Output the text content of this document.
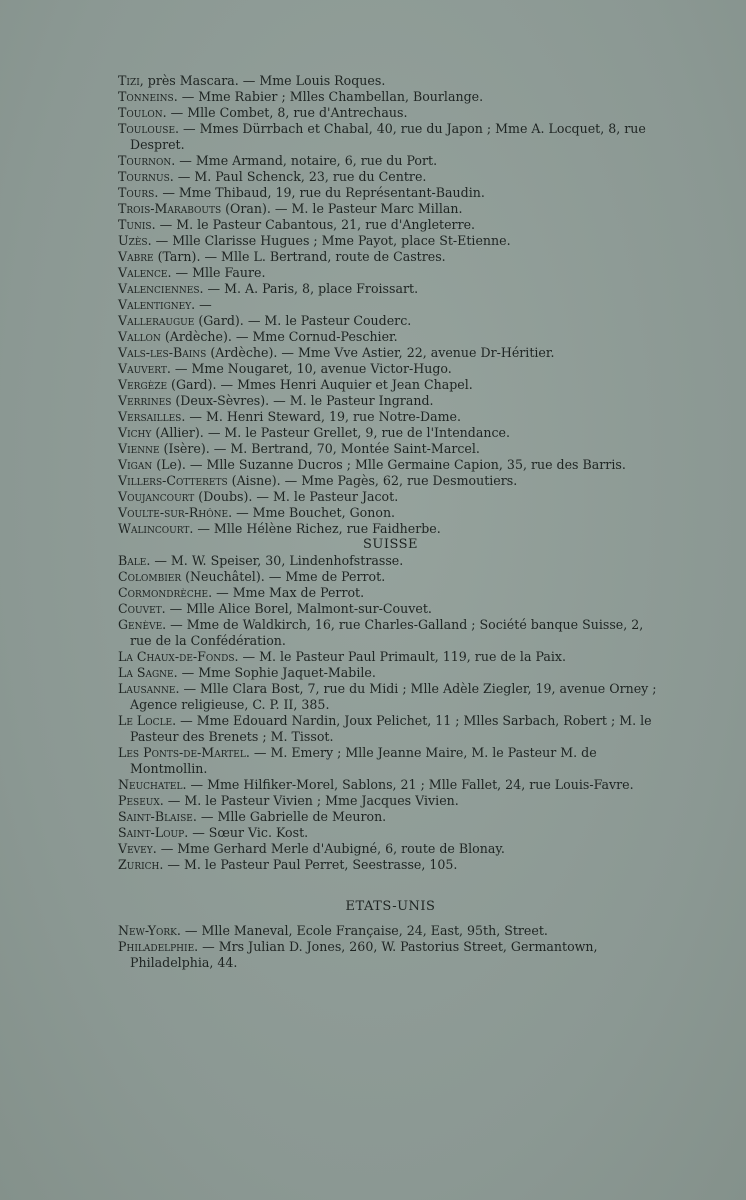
Tizi, près Mascara. — Mme Louis Roques.

Tonneins. — Mme Rabier ; Mlles Chambellan, Bourlange.

Toulon. — Mlle Combet, 8, rue d'Antrechaus.

Toulouse. — Mmes Dürrbach et Chabal, 40, rue du Japon ; Mme A. Locquet, 8, rue Despret.

Tournon. — Mme Armand, notaire, 6, rue du Port.

Tournus. — M. Paul Schenck, 23, rue du Centre.

Tours. — Mme Thibaud, 19, rue du Représentant-Baudin.

Trois-Marabouts (Oran). — M. le Pasteur Marc Millan.

Tunis. — M. le Pasteur Cabantous, 21, rue d'Angleterre.

Uzès. — Mlle Clarisse Hugues ; Mme Payot, place St-Etienne.

Vabre (Tarn). — Mlle L. Bertrand, route de Castres.

Valence. — Mlle Faure.

Valenciennes. — M. A. Paris, 8, place Froissart.

Valentigney. —

Valleraugue (Gard). — M. le Pasteur Couderc.

Vallon (Ardèche). — Mme Cornud-Peschier.

Vals-les-Bains (Ardèche). — Mme Vve Astier, 22, avenue Dr-Héritier.

Vauvert. — Mme Nougaret, 10, avenue Victor-Hugo.

Vergèze (Gard). — Mmes Henri Auquier et Jean Chapel.

Verrines (Deux-Sèvres). — M. le Pasteur Ingrand.

Versailles. — M. Henri Steward, 19, rue Notre-Dame.

Vichy (Allier). — M. le Pasteur Grellet, 9, rue de l'Intendance.

Vienne (Isère). — M. Bertrand, 70, Montée Saint-Marcel.

Vigan (Le). — Mlle Suzanne Ducros ; Mlle Germaine Capion, 35, rue des Barris.

Villers-Cotterets (Aisne). — Mme Pagès, 62, rue Desmoutiers.

Voujancourt (Doubs). — M. le Pasteur Jacot.

Voulte-sur-Rhône. — Mme Bouchet, Gonon.

Walincourt. — Mlle Hélène Richez, rue Faidherbe.

SUISSE

Bale. — M. W. Speiser, 30, Lindenhofstrasse.

Colombier (Neuchâtel). — Mme de Perrot.

Cormondrèche. — Mme Max de Perrot.

Couvet. — Mlle Alice Borel, Malmont-sur-Couvet.

Genève. — Mme de Waldkirch, 16, rue Charles-Galland ; Société banque Suisse, 2, rue de la Confédération.

La Chaux-de-Fonds. — M. le Pasteur Paul Primault, 119, rue de la Paix.

La Sagne. — Mme Sophie Jaquet-Mabile.

Lausanne. — Mlle Clara Bost, 7, rue du Midi ; Mlle Adèle Ziegler, 19, avenue Orney ; Agence religieuse, C. P. II, 385.

Le Locle. — Mme Edouard Nardin, Joux Pelichet, 11 ; Mlles Sarbach, Robert ; M. le Pasteur des Brenets ; M. Tissot.

Les Ponts-de-Martel. — M. Emery ; Mlle Jeanne Maire, M. le Pasteur M. de Montmollin.

Neuchatel. — Mme Hilfiker-Morel, Sablons, 21 ; Mlle Fallet, 24, rue Louis-Favre.

Peseux. — M. le Pasteur Vivien ; Mme Jacques Vivien.

Saint-Blaise. — Mlle Gabrielle de Meuron.

Saint-Loup. — Sœur Vic. Kost.

Vevey. — Mme Gerhard Merle d'Aubigné, 6, route de Blonay.

Zurich. — M. le Pasteur Paul Perret, Seestrasse, 105.

ETATS-UNIS

New-York. — Mlle Maneval, Ecole Française, 24, East, 95th, Street.

Philadelphie. — Mrs Julian D. Jones, 260, W. Pastorius Street, Germantown, Philadelphia, 44.
